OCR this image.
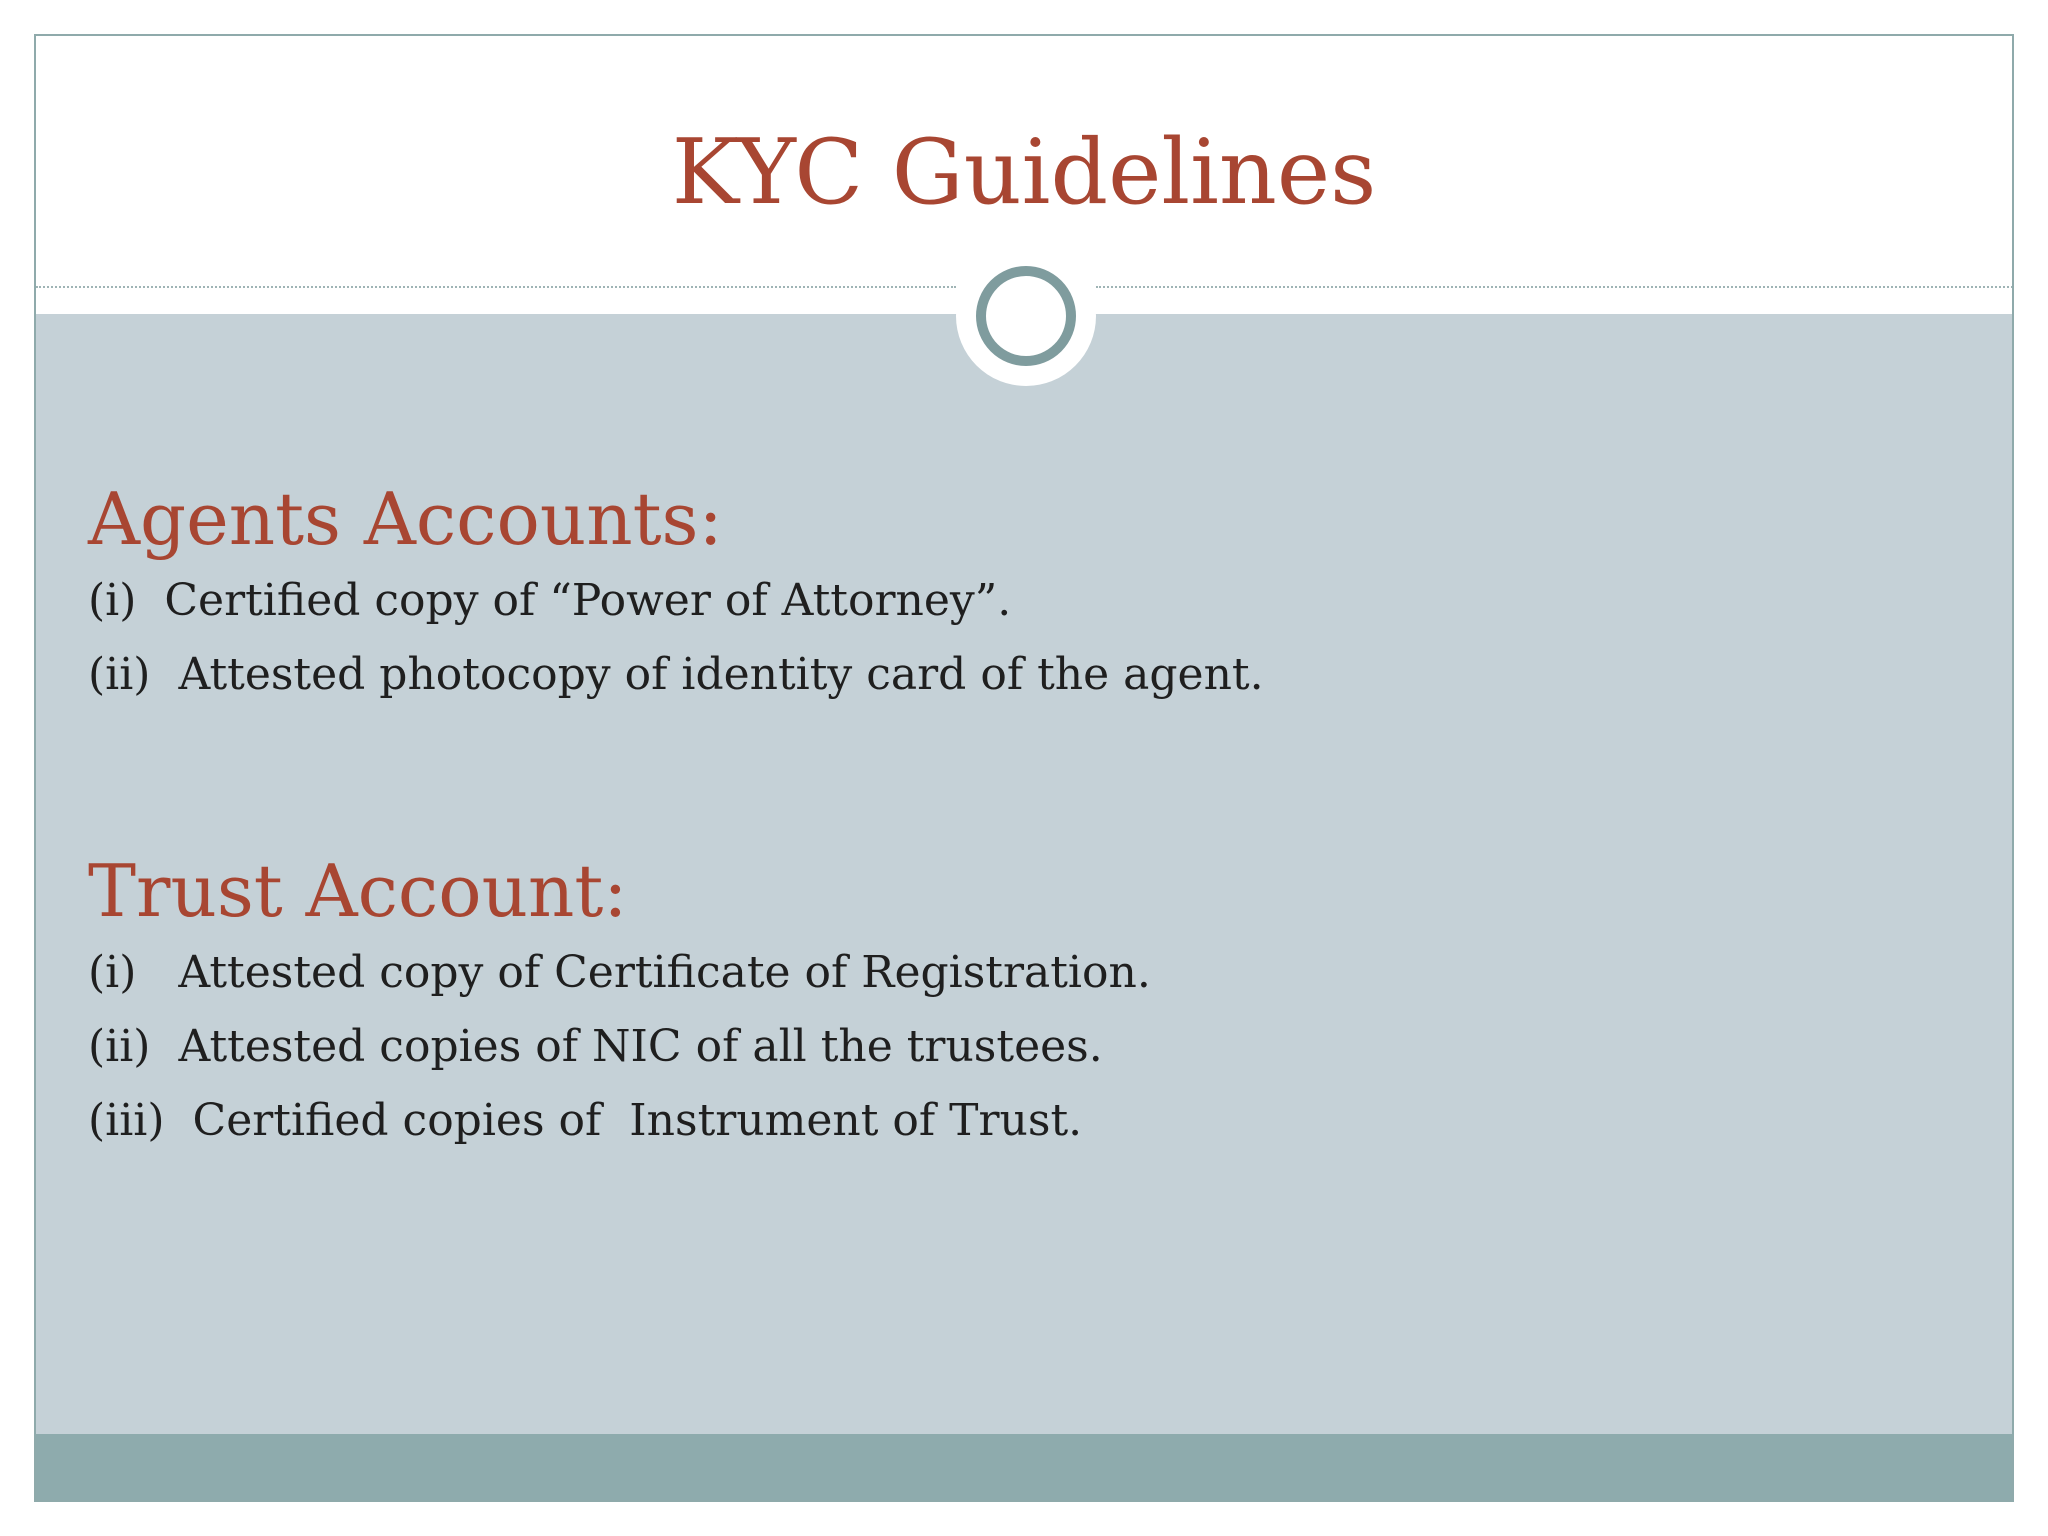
KYC Guidelines
Agents Accounts:
(i)  Certified copy of “Power of Attorney”.
(ii)  Attested photocopy of identity card of the agent.
Trust Account:
(i)   Attested copy of Certificate of Registration.
(ii)  Attested copies of NIC of all the trustees.
(iii)  Certified copies of  Instrument of Trust.
